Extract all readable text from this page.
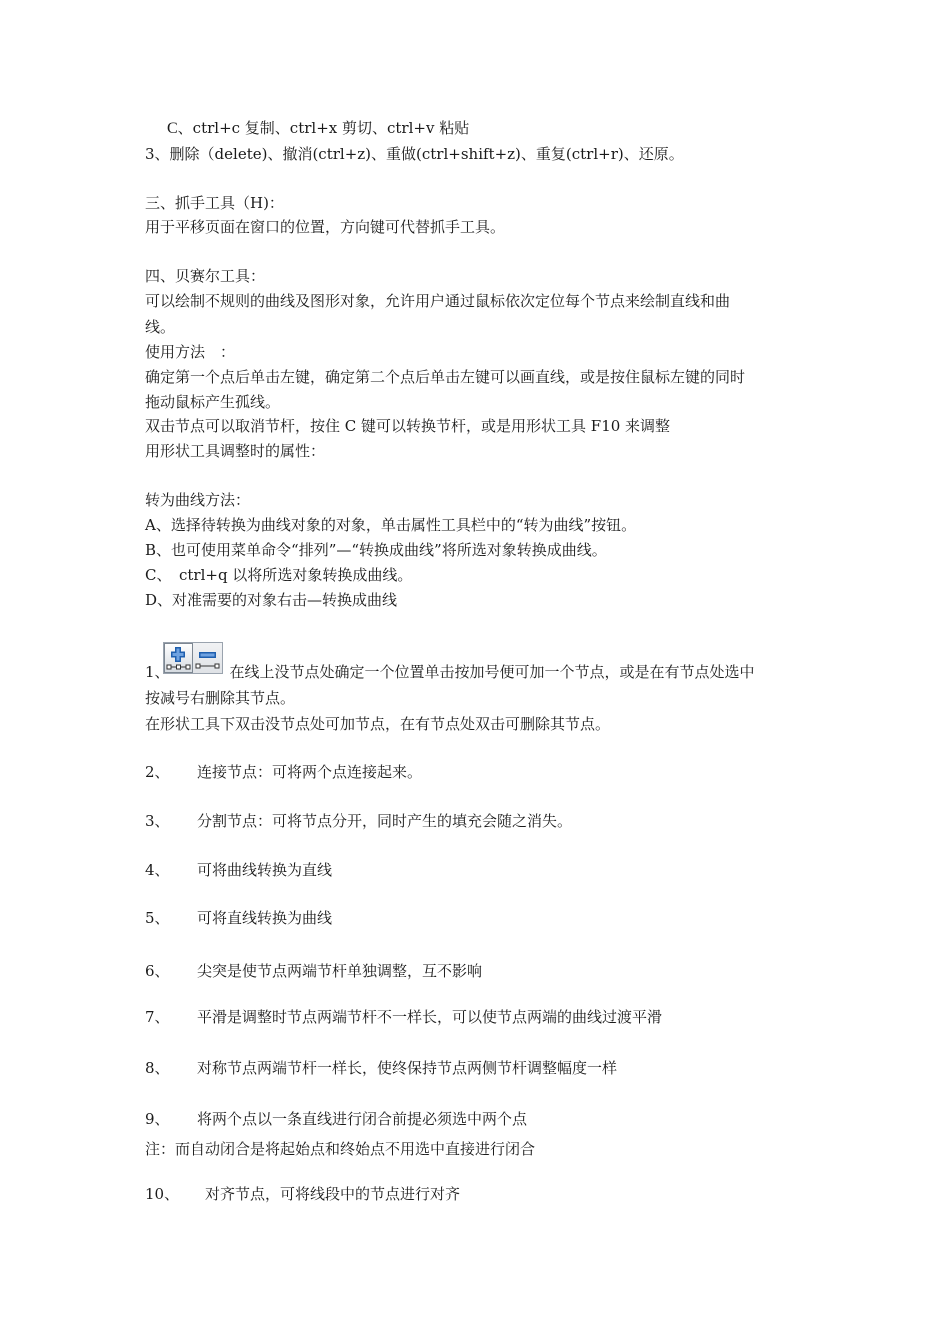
C、ctrl+c 复制、ctrl+x 剪切、ctrl+v 粘贴
3、删除（delete)、撤消(ctrl+z)、重做(ctrl+shift+z)、重复(ctrl+r)、还原。
三、抓手工具（H)：
用于平移页面在窗口的位置，方向键可代替抓手工具。
四、贝赛尔工具：
可以绘制不规则的曲线及图形对象，允许用户通过鼠标依次定位每个节点来绘制直线和曲
线。
使用方法　：
确定第一个点后单击左键，确定第二个点后单击左键可以画直线，或是按住鼠标左键的同时
拖动鼠标产生孤线。
双击节点可以取消节杆，按住 C 键可以转换节杆，或是用形状工具 F10 来调整
用形状工具调整时的属性：
转为曲线方法：
A、选择待转换为曲线对象的对象，单击属性工具栏中的“转为曲线”按钮。
B、也可使用菜单命令“排列”—“转换成曲线”将所选对象转换成曲线。
C、　ctrl+q 以将所选对象转换成曲线。
D、对准需要的对象右击—转换成曲线
1、	在线上没节点处确定一个位置单击按加号便可加一个节点，或是在有节点处选中
按减号右删除其节点。
在形状工具下双击没节点处可加节点，在有节点处双击可删除其节点。
2、 连接节点：可将两个点连接起来。
3、 分割节点：可将节点分开，同时产生的填充会随之消失。
4、 可将曲线转换为直线
5、 可将直线转换为曲线
6、 尖突是使节点两端节杆单独调整，互不影响
7、 平滑是调整时节点两端节杆不一样长，可以使节点两端的曲线过渡平滑
8、 对称节点两端节杆一样长，使终保持节点两侧节杆调整幅度一样
9、 将两个点以一条直线进行闭合前提必须选中两个点
注：而自动闭合是将起始点和终始点不用选中直接进行闭合
10、 对齐节点，可将线段中的节点进行对齐
